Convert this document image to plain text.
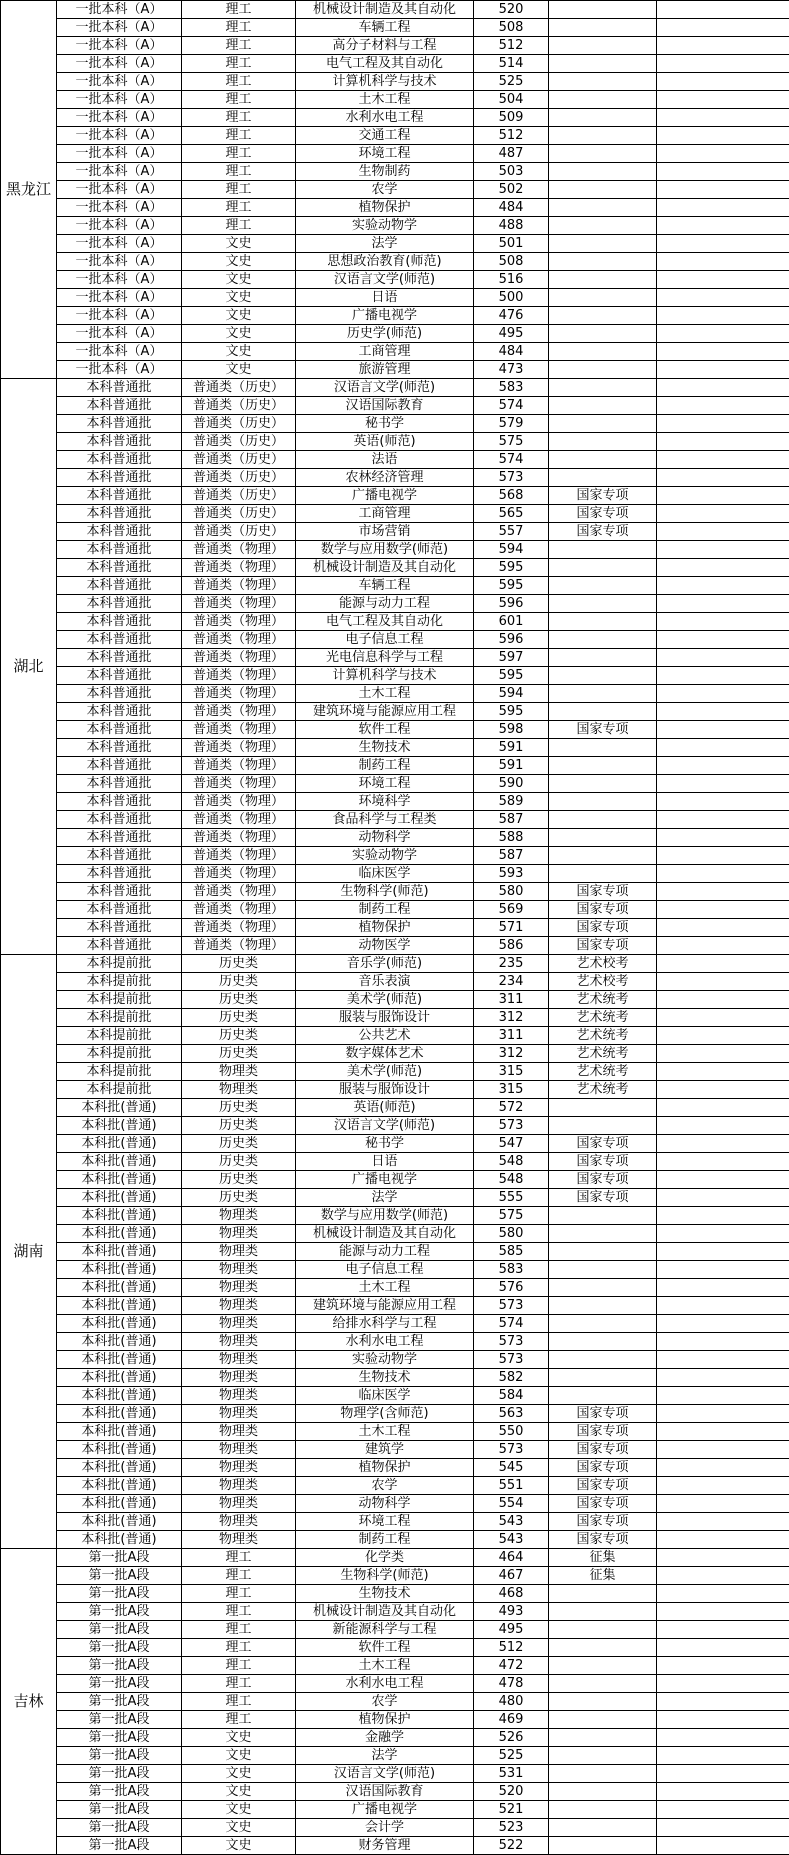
黑龙江	一批本科（A）	理工	机械设计制造及其自动化	520		
	一批本科（A）	理工	车辆工程	508		
	一批本科（A）	理工	高分子材料与工程	512		
	一批本科（A）	理工	电气工程及其自动化	514		
	一批本科（A）	理工	计算机科学与技术	525		
	一批本科（A）	理工	土木工程	504		
	一批本科（A）	理工	水利水电工程	509		
	一批本科（A）	理工	交通工程	512		
	一批本科（A）	理工	环境工程	487		
	一批本科（A）	理工	生物制药	503		
	一批本科（A）	理工	农学	502		
	一批本科（A）	理工	植物保护	484		
	一批本科（A）	理工	实验动物学	488		
	一批本科（A）	文史	法学	501		
	一批本科（A）	文史	思想政治教育(师范)	508		
	一批本科（A）	文史	汉语言文学(师范)	516		
	一批本科（A）	文史	日语	500		
	一批本科（A）	文史	广播电视学	476		
	一批本科（A）	文史	历史学(师范)	495		
	一批本科（A）	文史	工商管理	484		
	一批本科（A）	文史	旅游管理	473		
湖北	本科普通批	普通类（历史）	汉语言文学(师范)	583		
	本科普通批	普通类（历史）	汉语国际教育	574		
	本科普通批	普通类（历史）	秘书学	579		
	本科普通批	普通类（历史）	英语(师范)	575		
	本科普通批	普通类（历史）	法语	574		
	本科普通批	普通类（历史）	农林经济管理	573		
	本科普通批	普通类（历史）	广播电视学	568	国家专项	
	本科普通批	普通类（历史）	工商管理	565	国家专项	
	本科普通批	普通类（历史）	市场营销	557	国家专项	
	本科普通批	普通类（物理）	数学与应用数学(师范)	594		
	本科普通批	普通类（物理）	机械设计制造及其自动化	595		
	本科普通批	普通类（物理）	车辆工程	595		
	本科普通批	普通类（物理）	能源与动力工程	596		
	本科普通批	普通类（物理）	电气工程及其自动化	601		
	本科普通批	普通类（物理）	电子信息工程	596		
	本科普通批	普通类（物理）	光电信息科学与工程	597		
	本科普通批	普通类（物理）	计算机科学与技术	595		
	本科普通批	普通类（物理）	土木工程	594		
	本科普通批	普通类（物理）	建筑环境与能源应用工程	595		
	本科普通批	普通类（物理）	软件工程	598	国家专项	
	本科普通批	普通类（物理）	生物技术	591		
	本科普通批	普通类（物理）	制药工程	591		
	本科普通批	普通类（物理）	环境工程	590		
	本科普通批	普通类（物理）	环境科学	589		
	本科普通批	普通类（物理）	食品科学与工程类	587		
	本科普通批	普通类（物理）	动物科学	588		
	本科普通批	普通类（物理）	实验动物学	587		
	本科普通批	普通类（物理）	临床医学	593		
	本科普通批	普通类（物理）	生物科学(师范)	580	国家专项	
	本科普通批	普通类（物理）	制药工程	569	国家专项	
	本科普通批	普通类（物理）	植物保护	571	国家专项	
	本科普通批	普通类（物理）	动物医学	586	国家专项	
湖南	本科提前批	历史类	音乐学(师范)	235	艺术校考	
	本科提前批	历史类	音乐表演	234	艺术校考	
	本科提前批	历史类	美术学(师范)	311	艺术统考	
	本科提前批	历史类	服装与服饰设计	312	艺术统考	
	本科提前批	历史类	公共艺术	311	艺术统考	
	本科提前批	历史类	数字媒体艺术	312	艺术统考	
	本科提前批	物理类	美术学(师范)	315	艺术统考	
	本科提前批	物理类	服装与服饰设计	315	艺术统考	
	本科批(普通)	历史类	英语(师范)	572		
	本科批(普通)	历史类	汉语言文学(师范)	573		
	本科批(普通)	历史类	秘书学	547	国家专项	
	本科批(普通)	历史类	日语	548	国家专项	
	本科批(普通)	历史类	广播电视学	548	国家专项	
	本科批(普通)	历史类	法学	555	国家专项	
	本科批(普通)	物理类	数学与应用数学(师范)	575		
	本科批(普通)	物理类	机械设计制造及其自动化	580		
	本科批(普通)	物理类	能源与动力工程	585		
	本科批(普通)	物理类	电子信息工程	583		
	本科批(普通)	物理类	土木工程	576		
	本科批(普通)	物理类	建筑环境与能源应用工程	573		
	本科批(普通)	物理类	给排水科学与工程	574		
	本科批(普通)	物理类	水利水电工程	573		
	本科批(普通)	物理类	实验动物学	573		
	本科批(普通)	物理类	生物技术	582		
	本科批(普通)	物理类	临床医学	584		
	本科批(普通)	物理类	物理学(含师范)	563	国家专项	
	本科批(普通)	物理类	土木工程	550	国家专项	
	本科批(普通)	物理类	建筑学	573	国家专项	
	本科批(普通)	物理类	植物保护	545	国家专项	
	本科批(普通)	物理类	农学	551	国家专项	
	本科批(普通)	物理类	动物科学	554	国家专项	
	本科批(普通)	物理类	环境工程	543	国家专项	
	本科批(普通)	物理类	制药工程	543	国家专项	
吉林	第一批A段	理工	化学类	464	征集	
	第一批A段	理工	生物科学(师范)	467	征集	
	第一批A段	理工	生物技术	468		
	第一批A段	理工	机械设计制造及其自动化	493		
	第一批A段	理工	新能源科学与工程	495		
	第一批A段	理工	软件工程	512		
	第一批A段	理工	土木工程	472		
	第一批A段	理工	水利水电工程	478		
	第一批A段	理工	农学	480		
	第一批A段	理工	植物保护	469		
	第一批A段	文史	金融学	526		
	第一批A段	文史	法学	525		
	第一批A段	文史	汉语言文学(师范)	531		
	第一批A段	文史	汉语国际教育	520		
	第一批A段	文史	广播电视学	521		
	第一批A段	文史	会计学	523		
	第一批A段	文史	财务管理	522		
